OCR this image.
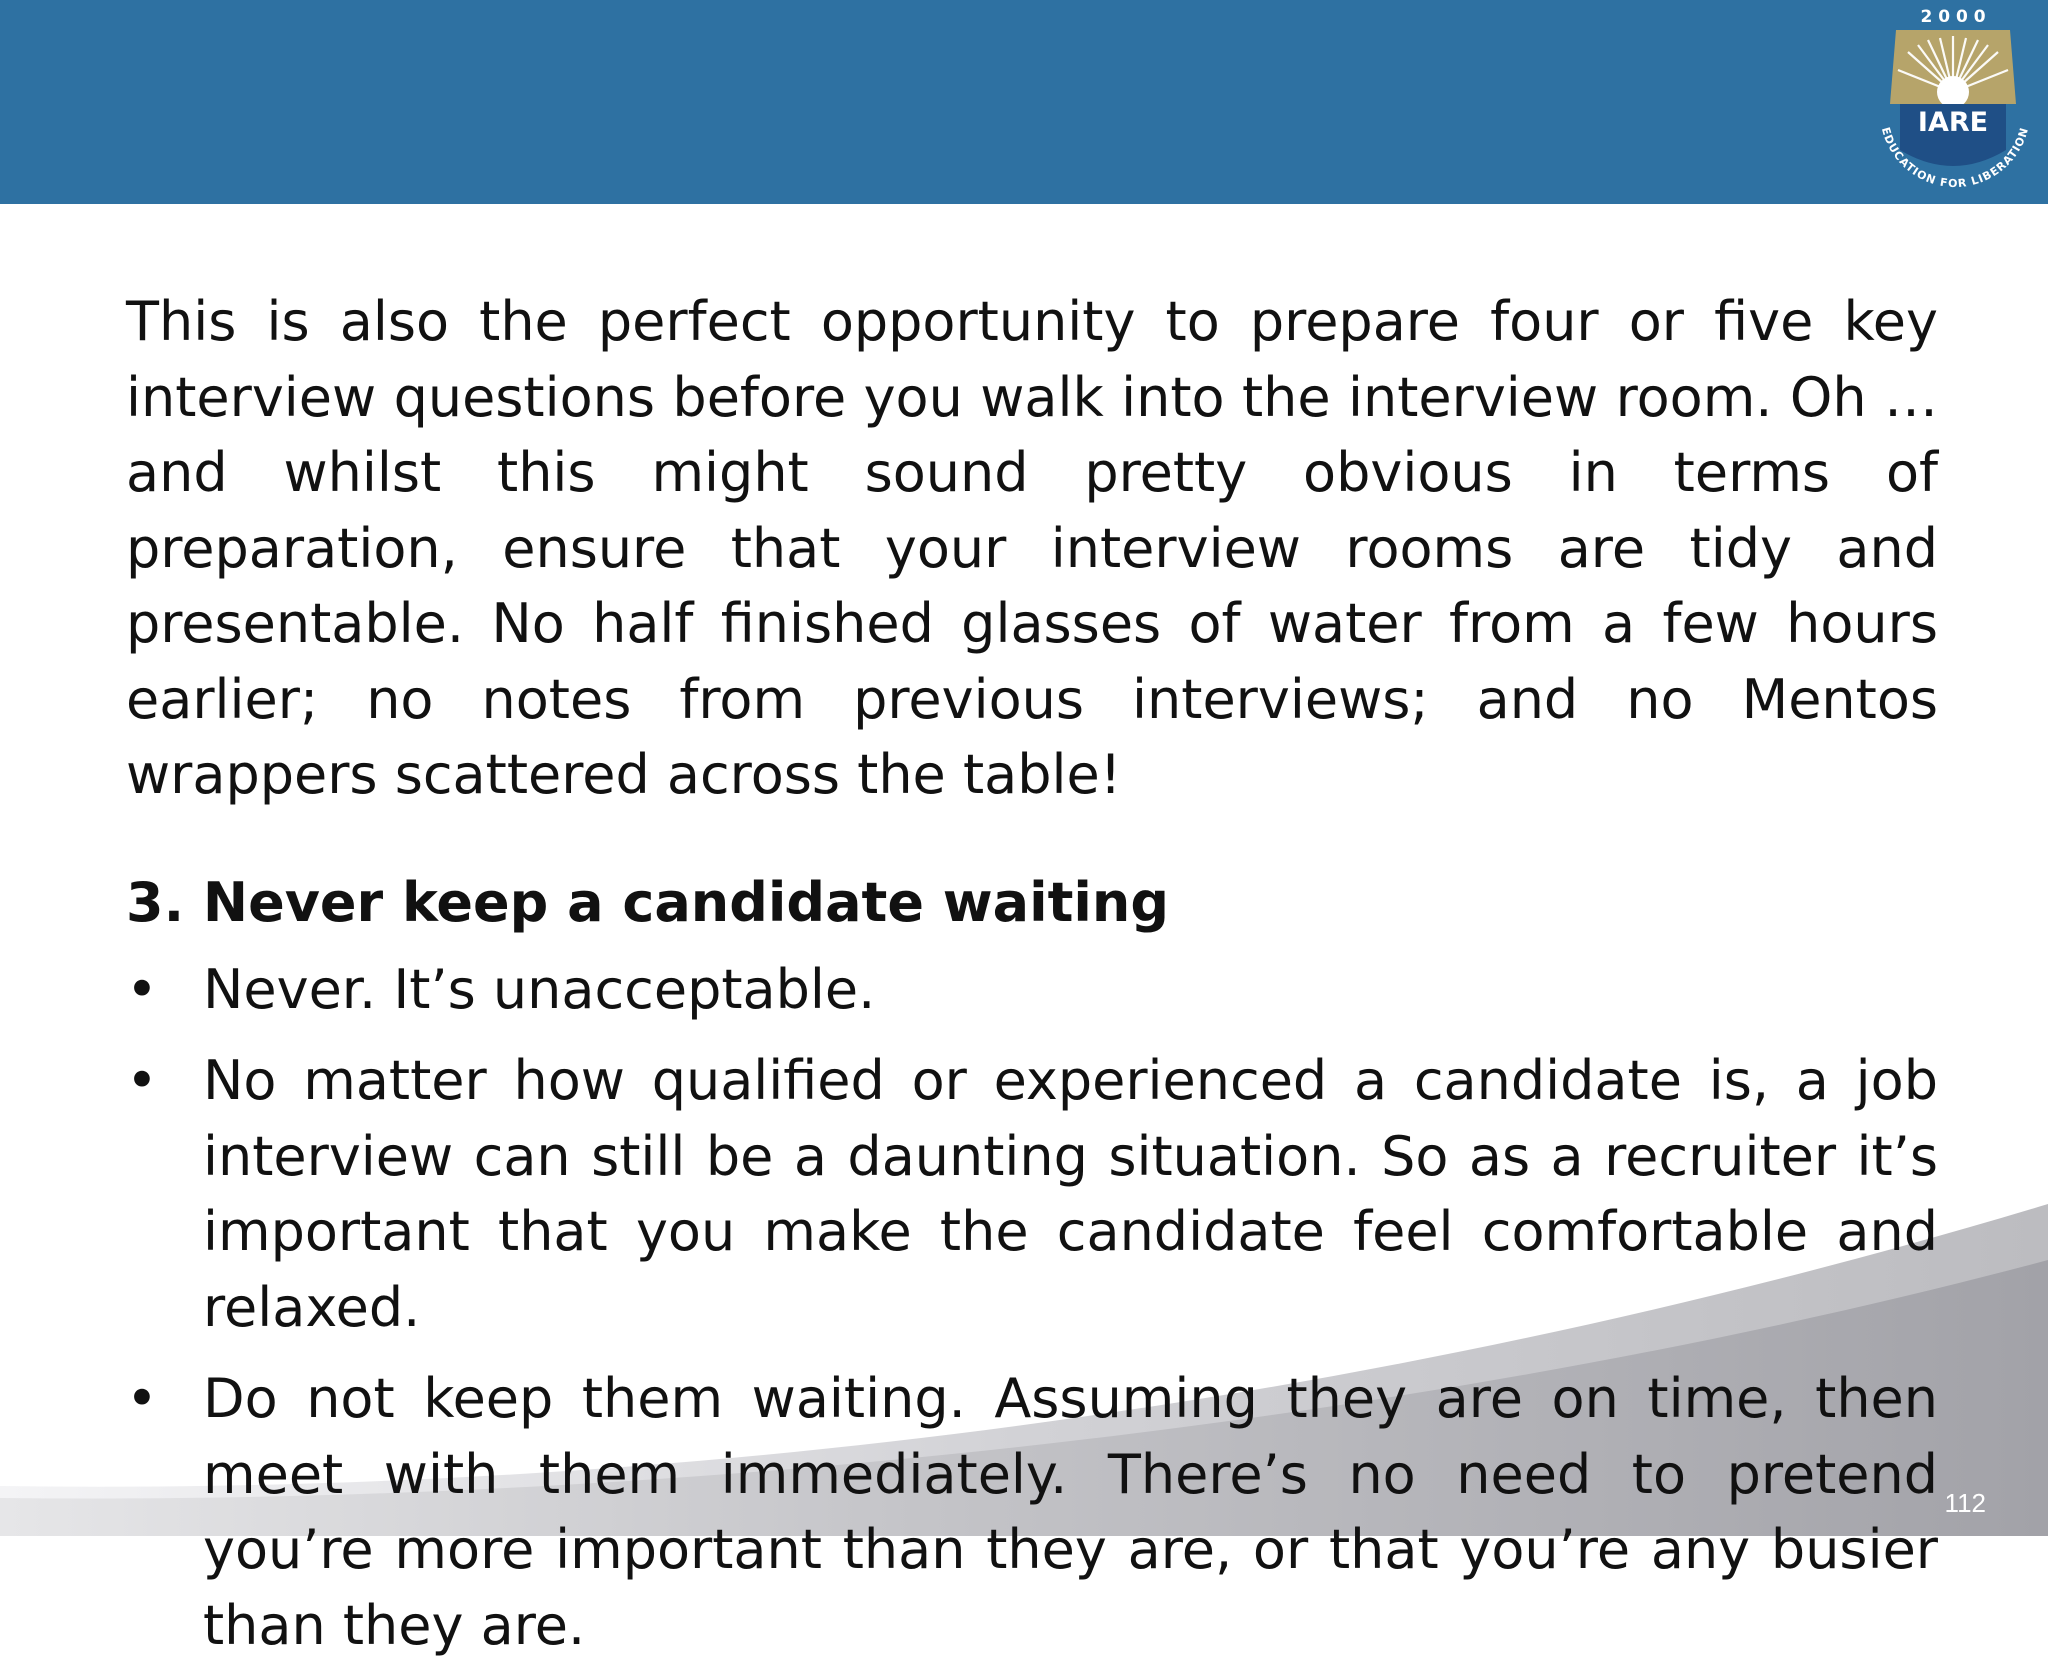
2 0 0 0
IARE
EDUCATION FOR LIBERATION

This is also the perfect opportunity to prepare four or five key interview questions before you walk into the interview room. Oh … and whilst this might sound pretty obvious in terms of preparation, ensure that your interview rooms are tidy and presentable. No half finished glasses of water from a few hours earlier; no notes from previous interviews; and no Mentos wrappers scattered across the table!

3. Never keep a candidate waiting
• Never. It’s unacceptable.
• No matter how qualified or experienced a candidate is, a job interview can still be a daunting situation. So as a recruiter it’s important that you make the candidate feel comfortable and relaxed.
• Do not keep them waiting. Assuming they are on time, then meet with them immediately. There’s no need to pretend you’re more important than they are, or that you’re any busier than they are.
112
